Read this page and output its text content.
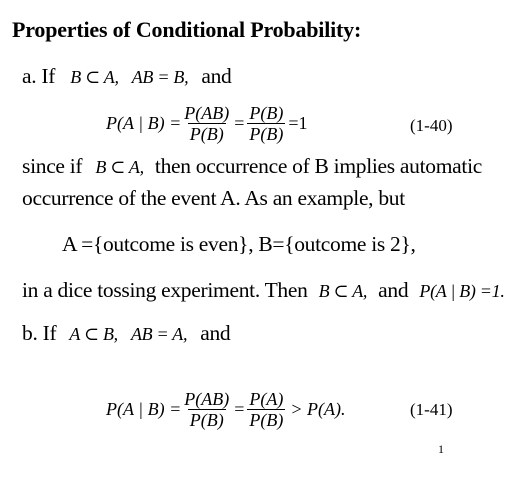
Properties of Conditional Probability:
a. If B ⊂ A, AB = B, and
P(A | $B) = \frac{P(AB)}{P(B)} = \frac{P(B)}{P(B)} =1$	(1-40)
since if B ⊂ A, then occurrence of B implies automatic
occurrence of the event A. As an example, but
A ={outcome is even}, B={outcome is 2},
in a dice tossing experiment. Then B ⊂ A, and P(A | B) =1.
b. If A ⊂ B, AB = A, and
P(A | $B) = \frac{P(AB)}{P(B)} = \frac{P(A)}{P(B)} > P(A)$.	(1-41)
1
